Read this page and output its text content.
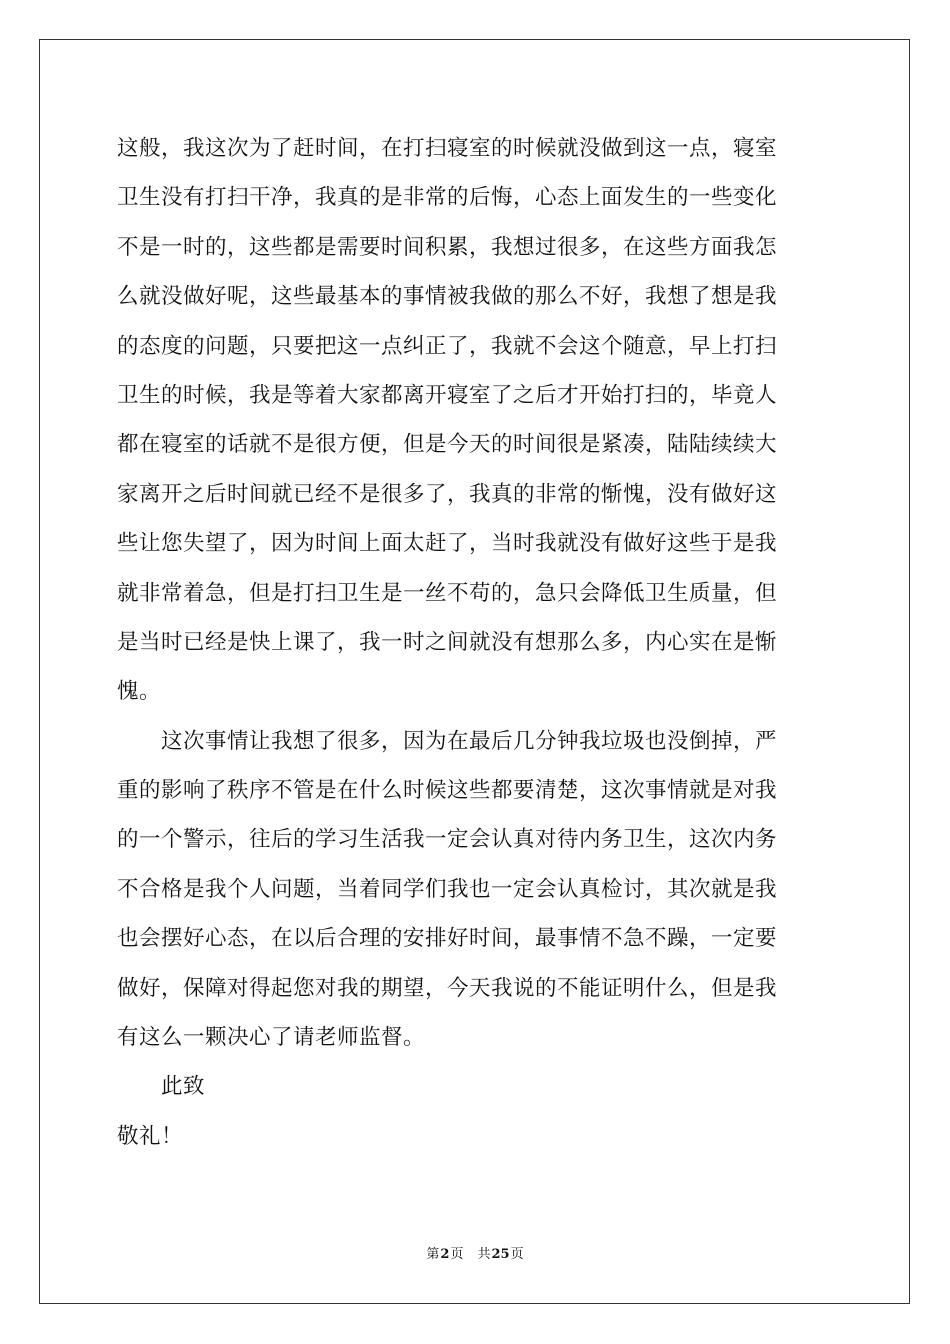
这般，我这次为了赶时间，在打扫寝室的时候就没做到这一点，寝室
卫生没有打扫干净，我真的是非常的后悔，心态上面发生的一些变化
不是一时的，这些都是需要时间积累，我想过很多，在这些方面我怎
么就没做好呢，这些最基本的事情被我做的那么不好，我想了想是我
的态度的问题，只要把这一点纠正了，我就不会这个随意，早上打扫
卫生的时候，我是等着大家都离开寝室了之后才开始打扫的，毕竟人
都在寝室的话就不是很方便，但是今天的时间很是紧凑，陆陆续续大
家离开之后时间就已经不是很多了，我真的非常的惭愧，没有做好这
些让您失望了，因为时间上面太赶了，当时我就没有做好这些于是我
就非常着急，但是打扫卫生是一丝不苟的，急只会降低卫生质量，但
是当时已经是快上课了，我一时之间就没有想那么多，内心实在是惭
愧。
　　这次事情让我想了很多，因为在最后几分钟我垃圾也没倒掉，严
重的影响了秩序不管是在什么时候这些都要清楚，这次事情就是对我
的一个警示，往后的学习生活我一定会认真对待内务卫生，这次内务
不合格是我个人问题，当着同学们我也一定会认真检讨，其次就是我
也会摆好心态，在以后合理的安排好时间，最事情不急不躁，一定要
做好，保障对得起您对我的期望，今天我说的不能证明什么，但是我
有这么一颗决心了请老师监督。
　　此致
敬礼！
第2页 共25页
